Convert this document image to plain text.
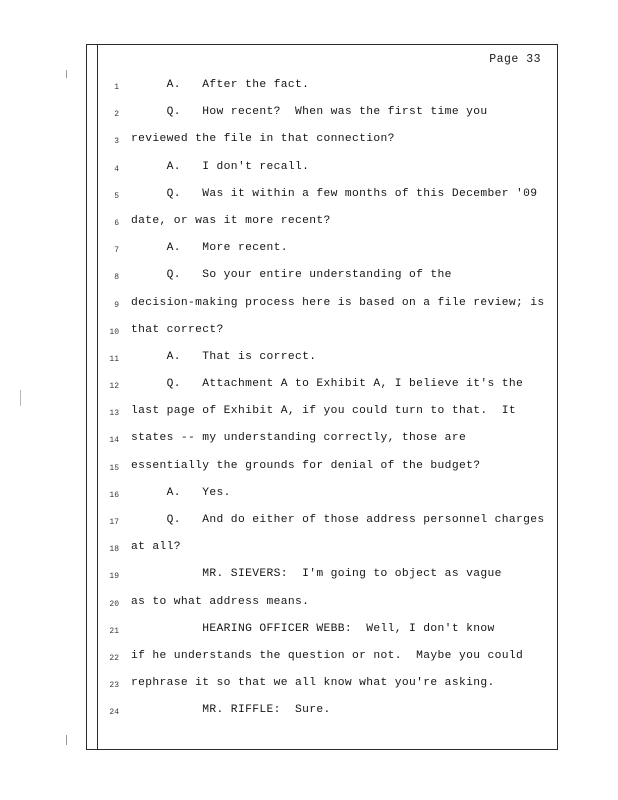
Page 33
1 A.   After the fact.
2 Q.   How recent?  When was the first time you
3 reviewed the file in that connection?
4 A.   I don't recall.
5 Q.   Was it within a few months of this December '09
6 date, or was it more recent?
7 A.   More recent.
8 Q.   So your entire understanding of the
9 decision-making process here is based on a file review; is
10 that correct?
11 A.   That is correct.
12 Q.   Attachment A to Exhibit A, I believe it's the
13 last page of Exhibit A, if you could turn to that.  It
14 states -- my understanding correctly, those are
15 essentially the grounds for denial of the budget?
16 A.   Yes.
17 Q.   And do either of those address personnel charges
18 at all?
19 MR. SIEVERS:  I'm going to object as vague
20 as to what address means.
21 HEARING OFFICER WEBB:  Well, I don't know
22 if he understands the question or not.  Maybe you could
23 rephrase it so that we all know what you're asking.
24 MR. RIFFLE:  Sure.
